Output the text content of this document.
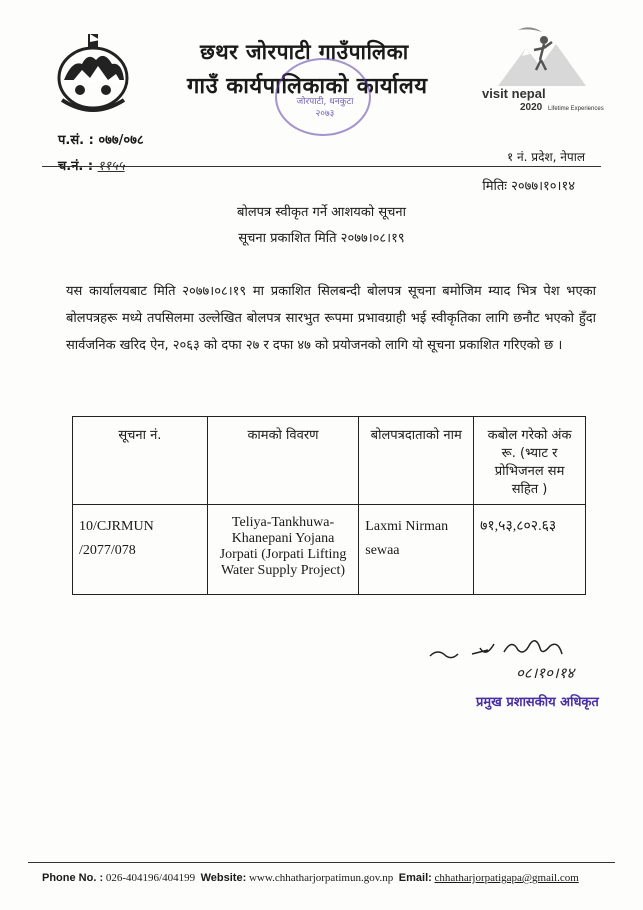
छथर जोरपाटी गाउँपालिका
गाउँ कार्यपालिकाको कार्यालय
जोरपाटी, धनकुटा
२०७३
visit nepal
2020 Lifetime Experiences
प.सं. : ०७७/०७८
च.नं. : ११५५
१ नं. प्रदेश, नेपाल
मितिः २०७७।१०।१४
बोलपत्र स्वीकृत गर्ने आशयको सूचना
सूचना प्रकाशित मिति २०७७।०८।१९
यस कार्यालयबाट मिति २०७७।०८।१९ मा प्रकाशित सिलबन्दी बोलपत्र सूचना बमोजिम म्याद भित्र पेश भएका बोलपत्रहरू मध्ये तपसिलमा उल्लेखित बोलपत्र सारभुत रूपमा प्रभावग्राही भई स्वीकृतिका लागि छनौट भएको हुँदा सार्वजनिक खरिद ऐन, २०६३ को दफा २७ र दफा ४७ को प्रयोजनको लागि यो सूचना प्रकाशित गरिएको छ ।
सूचना नं.	कामको विवरण	बोलपत्रदाताको नाम	कबोल गरेको अंक रू. (भ्याट र प्रोभिजनल सम सहित )
10/CJRMUN /2077/078	Teliya-Tankhuwa-Khanepani Yojana Jorpati (Jorpati Lifting Water Supply Project)	Laxmi Nirman sewaa	७१,५३,८०२.६३
०८।१०।१४
प्रमुख प्रशासकीय अधिकृत
Phone No. : 026-404196/404199 Website: www.chhatharjorpatimun.gov.np Email: chhatharjorpatigapa@gmail.com
